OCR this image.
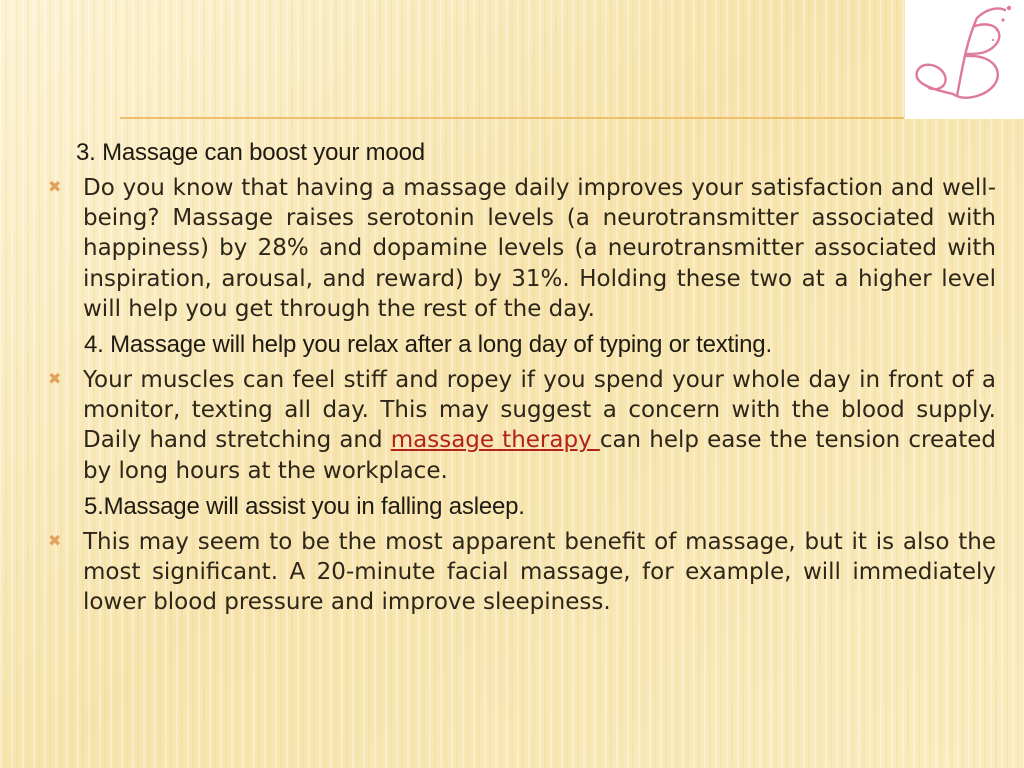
3. Massage can boost your mood
✖ Do you know that having a massage daily improves your satisfaction and well-being? Massage raises serotonin levels (a neurotransmitter associated with happiness) by 28% and dopamine levels (a neurotransmitter associated with inspiration, arousal, and reward) by 31%. Holding these two at a higher level will help you get through the rest of the day.
4. Massage will help you relax after a long day of typing or texting.
✖ Your muscles can feel stiff and ropey if you spend your whole day in front of a monitor, texting all day. This may suggest a concern with the blood supply. Daily hand stretching and massage therapy can help ease the tension created by long hours at the workplace.
5.Massage will assist you in falling asleep.
✖ This may seem to be the most apparent benefit of massage, but it is also the most significant. A 20-minute facial massage, for example, will immediately lower blood pressure and improve sleepiness.
